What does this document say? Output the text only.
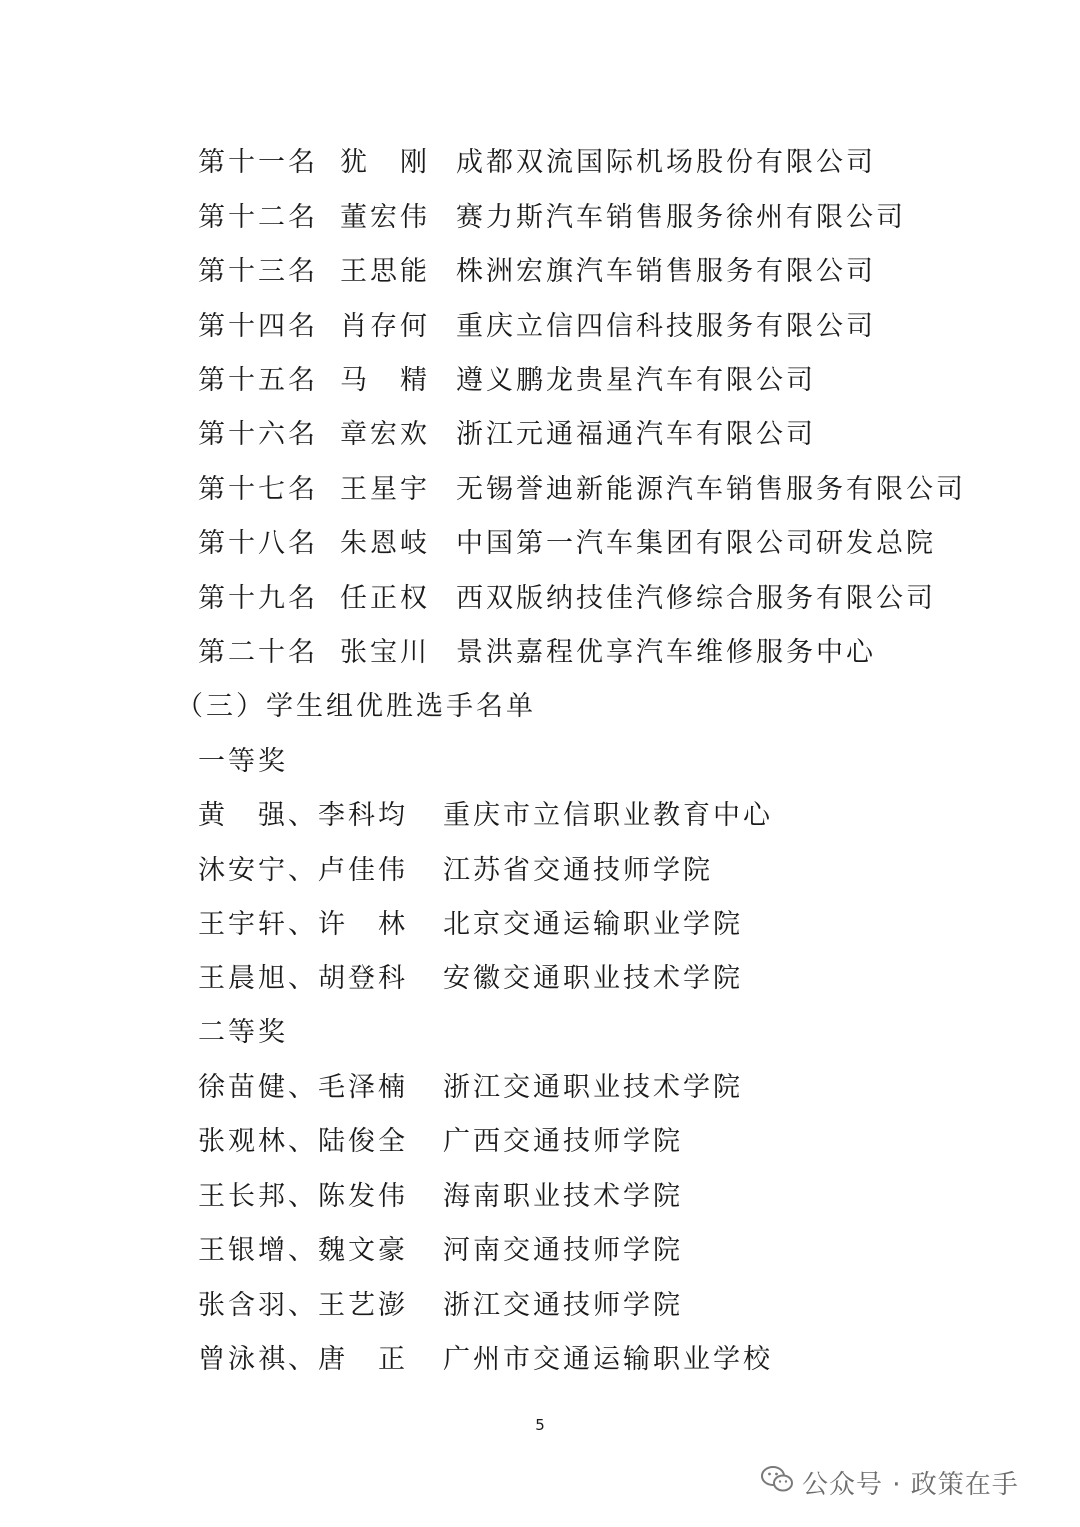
第十一名 犹　刚 成都双流国际机场股份有限公司
第十二名 董宏伟 赛力斯汽车销售服务徐州有限公司
第十三名 王思能 株洲宏旗汽车销售服务有限公司
第十四名 肖存何 重庆立信四信科技服务有限公司
第十五名 马　精 遵义鹏龙贵星汽车有限公司
第十六名 章宏欢 浙江元通福通汽车有限公司
第十七名 王星宇 无锡誉迪新能源汽车销售服务有限公司
第十八名 朱恩岐 中国第一汽车集团有限公司研发总院
第十九名 任正权 西双版纳技佳汽修综合服务有限公司
第二十名 张宝川 景洪嘉程优享汽车维修服务中心
（三）学生组优胜选手名单
一等奖
黄　强、李科均 重庆市立信职业教育中心
沐安宁、卢佳伟 江苏省交通技师学院
王宇轩、许　林 北京交通运输职业学院
王晨旭、胡登科 安徽交通职业技术学院
二等奖
徐苗健、毛泽楠 浙江交通职业技术学院
张观林、陆俊全 广西交通技师学院
王长邦、陈发伟 海南职业技术学院
王银增、魏文豪 河南交通技师学院
张含羽、王艺澎 浙江交通技师学院
曾泳祺、唐　正 广州市交通运输职业学校
5
公众号 · 政策在手
